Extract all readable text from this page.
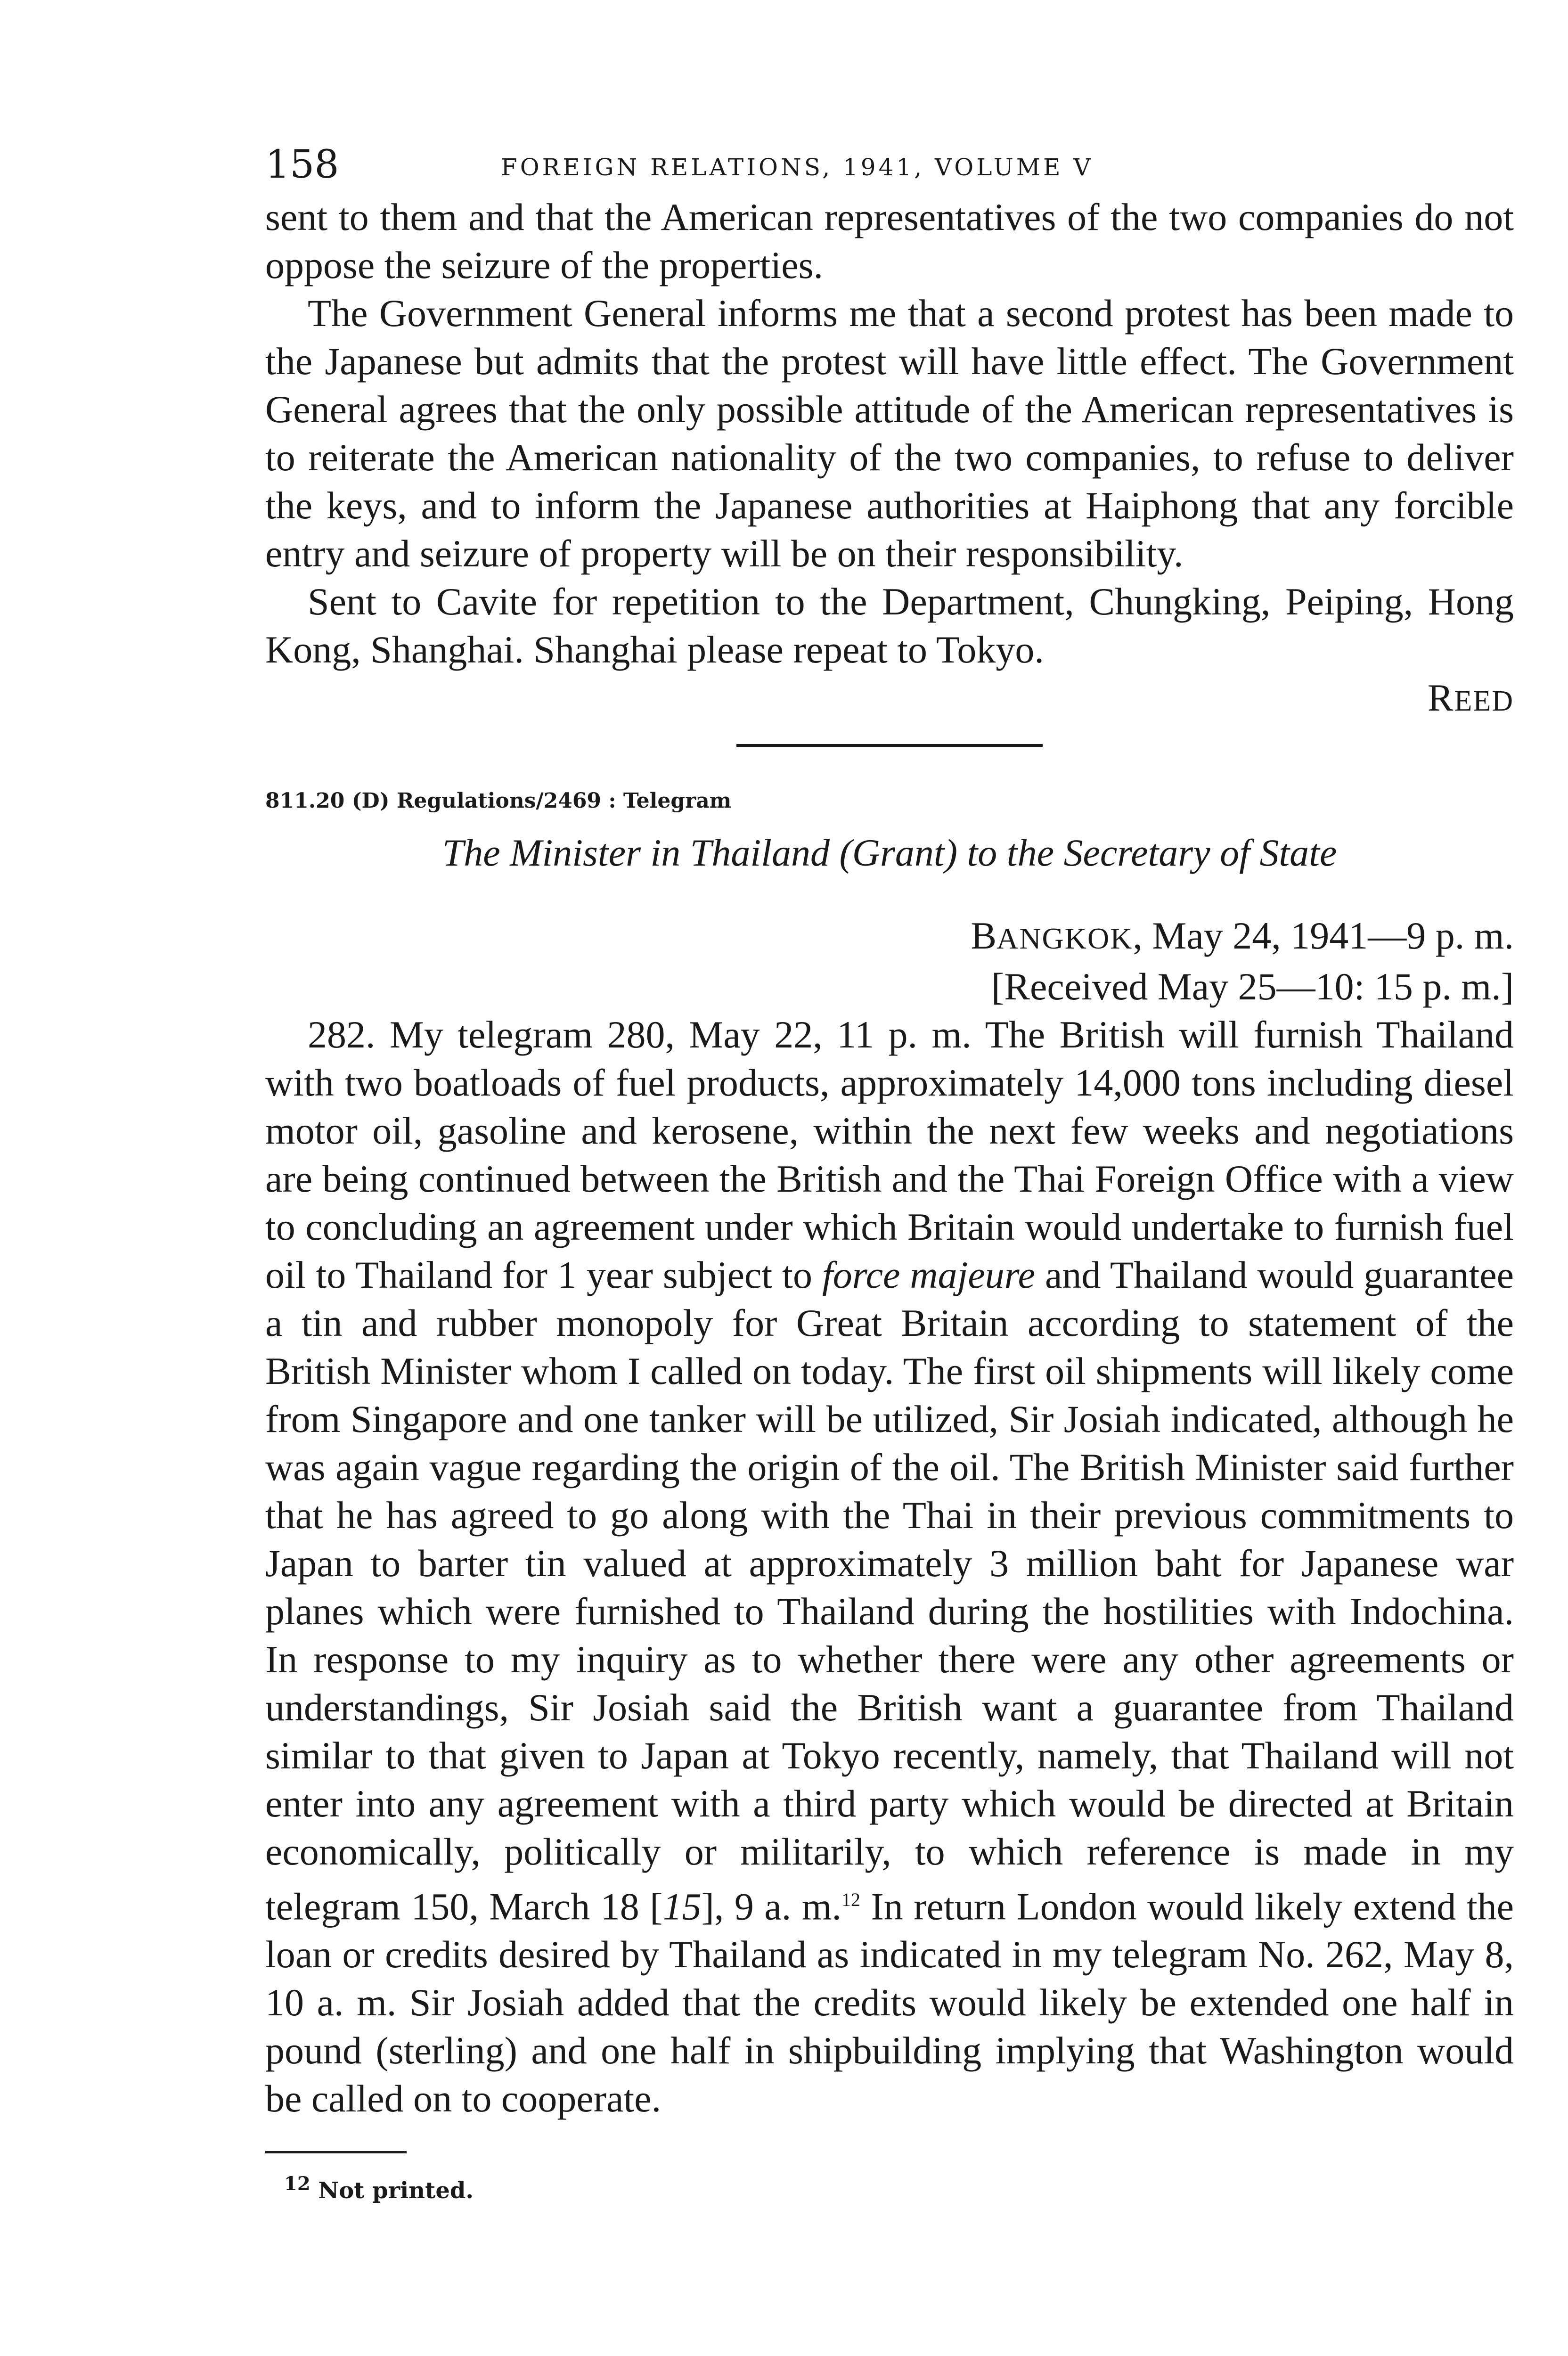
158	FOREIGN RELATIONS, 1941, VOLUME V

sent to them and that the American representatives of the two companies do not oppose the seizure of the properties.

The Government General informs me that a second protest has been made to the Japanese but admits that the protest will have little effect. The Government General agrees that the only possible attitude of the American representatives is to reiterate the American nationality of the two companies, to refuse to deliver the keys, and to inform the Japanese authorities at Haiphong that any forcible entry and seizure of property will be on their responsibility.

Sent to Cavite for repetition to the Department, Chungking, Peiping, Hong Kong, Shanghai. Shanghai please repeat to Tokyo.

REED
811.20 (D) Regulations/2469 : Telegram
The Minister in Thailand (Grant) to the Secretary of State
BANGKOK, May 24, 1941—9 p. m.
[Received May 25—10: 15 p. m.]

282. My telegram 280, May 22, 11 p. m. The British will furnish Thailand with two boatloads of fuel products, approximately 14,000 tons including diesel motor oil, gasoline and kerosene, within the next few weeks and negotiations are being continued between the British and the Thai Foreign Office with a view to concluding an agreement under which Britain would undertake to furnish fuel oil to Thailand for 1 year subject to force majeure and Thailand would guarantee a tin and rubber monopoly for Great Britain according to statement of the British Minister whom I called on today. The first oil shipments will likely come from Singapore and one tanker will be utilized, Sir Josiah indicated, although he was again vague regarding the origin of the oil. The British Minister said further that he has agreed to go along with the Thai in their previous commitments to Japan to barter tin valued at approximately 3 million baht for Japanese war planes which were furnished to Thailand during the hostilities with Indochina. In response to my inquiry as to whether there were any other agreements or understandings, Sir Josiah said the British want a guarantee from Thailand similar to that given to Japan at Tokyo recently, namely, that Thailand will not enter into any agreement with a third party which would be directed at Britain economically, politically or militarily, to which reference is made in my telegram 150, March 18 [15], 9 a. m.$^{12}$ In return London would likely extend the loan or credits desired by Thailand as indicated in my telegram No. 262, May 8, 10 a. m. Sir Josiah added that the credits would likely be extended one half in pound (sterling) and one half in shipbuilding implying that Washington would be called on to cooperate.

$^{12}$ Not printed.
